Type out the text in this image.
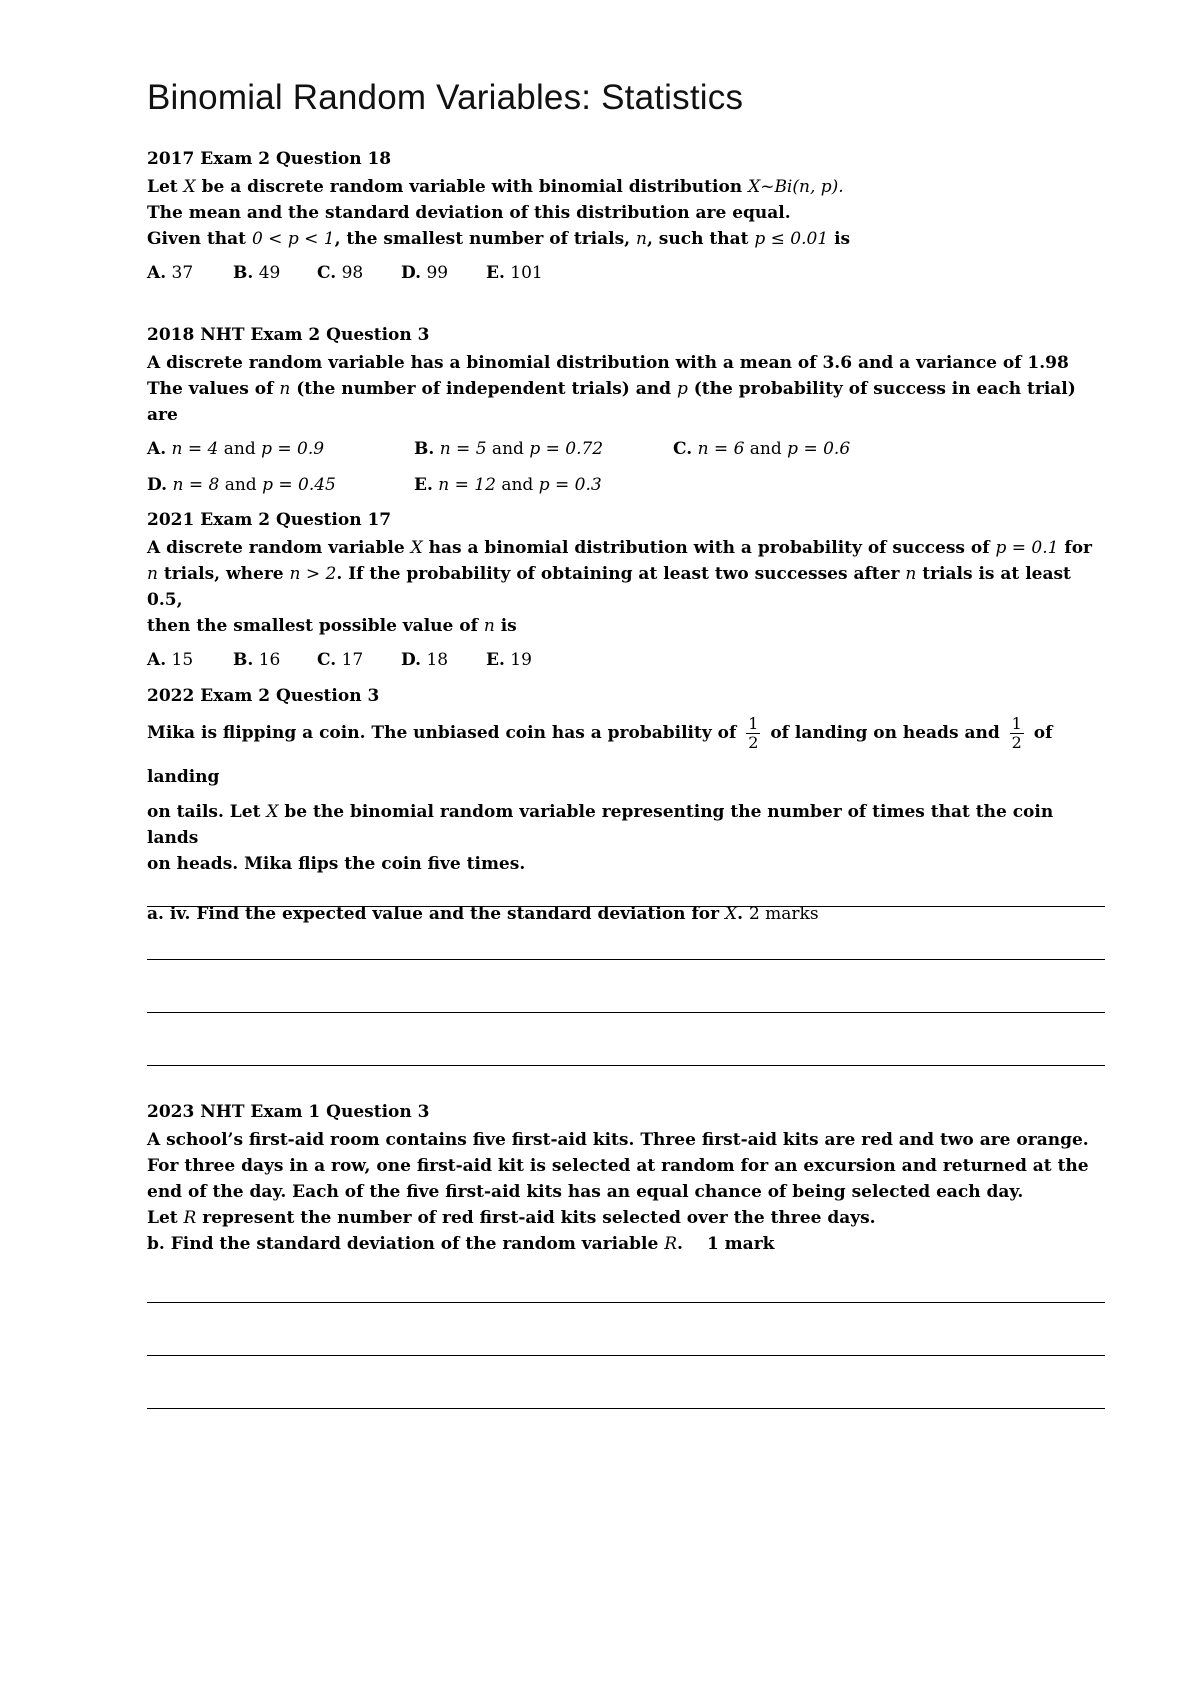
Binomial Random Variables: Statistics

2017 Exam 2 Question 18

Let X be a discrete random variable with binomial distribution X~Bi(n, p).

The mean and the standard deviation of this distribution are equal.

Given that 0 < p < 1, the smallest number of trials, n, such that p ≤ 0.01 is

A. 37 B. 49 C. 98 D. 99 E. 101

2018 NHT Exam 2 Question 3

A discrete random variable has a binomial distribution with a mean of 3.6 and a variance of 1.98

The values of n (the number of independent trials) and p (the probability of success in each trial) are

A. n = 4 and p = 0.9	B. n = 5 and p = 0.72	C. n = 6 and p = 0.6
D. n = 8 and p = 0.45	E. n = 12 and p = 0.3

2021 Exam 2 Question 17

A discrete random variable X has a binomial distribution with a probability of success of p = 0.1 for

n trials, where n > 2. If the probability of obtaining at least two successes after n trials is at least 0.5,

then the smallest possible value of n is

A. 15 B. 16 C. 17 D. 18 E. 19

2022 Exam 2 Question 3

Mika is flipping a coin. The unbiased coin has a probability of $\frac{1}{2}$ of landing on heads and $\frac{1}{2}$ of landing

on tails. Let X be the binomial random variable representing the number of times that the coin lands

on heads. Mika flips the coin five times.

a. iv. Find the expected value and the standard deviation for X. 2 marks

2023 NHT Exam 1 Question 3

A school’s first-aid room contains five first-aid kits. Three first-aid kits are red and two are orange.

For three days in a row, one first-aid kit is selected at random for an excursion and returned at the

end of the day. Each of the five first-aid kits has an equal chance of being selected each day.

Let R represent the number of red first-aid kits selected over the three days.

b. Find the standard deviation of the random variable R. 1 mark
